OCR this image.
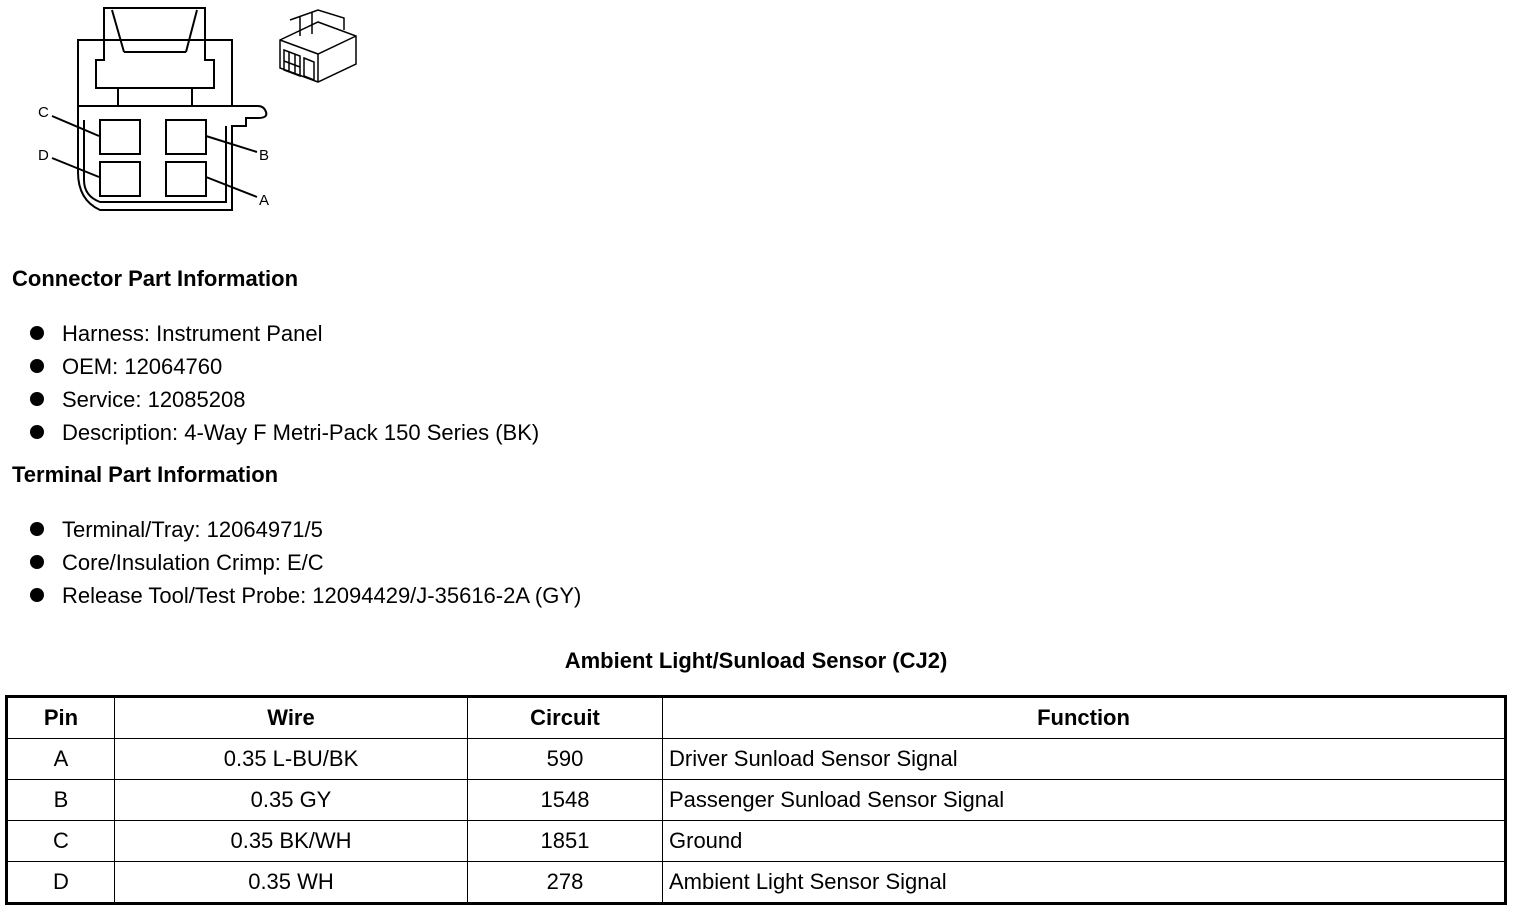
C
D	B
A
Connector Part Information
Harness: Instrument Panel
OEM: 12064760
Service: 12085208
Description: 4-Way F Metri-Pack 150 Series (BK)
Terminal Part Information
Terminal/Tray: 12064971/5
Core/Insulation Crimp: E/C
Release Tool/Test Probe: 12094429/J-35616-2A (GY)
Ambient Light/Sunload Sensor (CJ2)
Pin	Wire	Circuit	Function
A	0.35 L-BU/BK	590	Driver Sunload Sensor Signal
B	0.35 GY	1548	Passenger Sunload Sensor Signal
C	0.35 BK/WH	1851	Ground
D	0.35 WH	278	Ambient Light Sensor Signal
